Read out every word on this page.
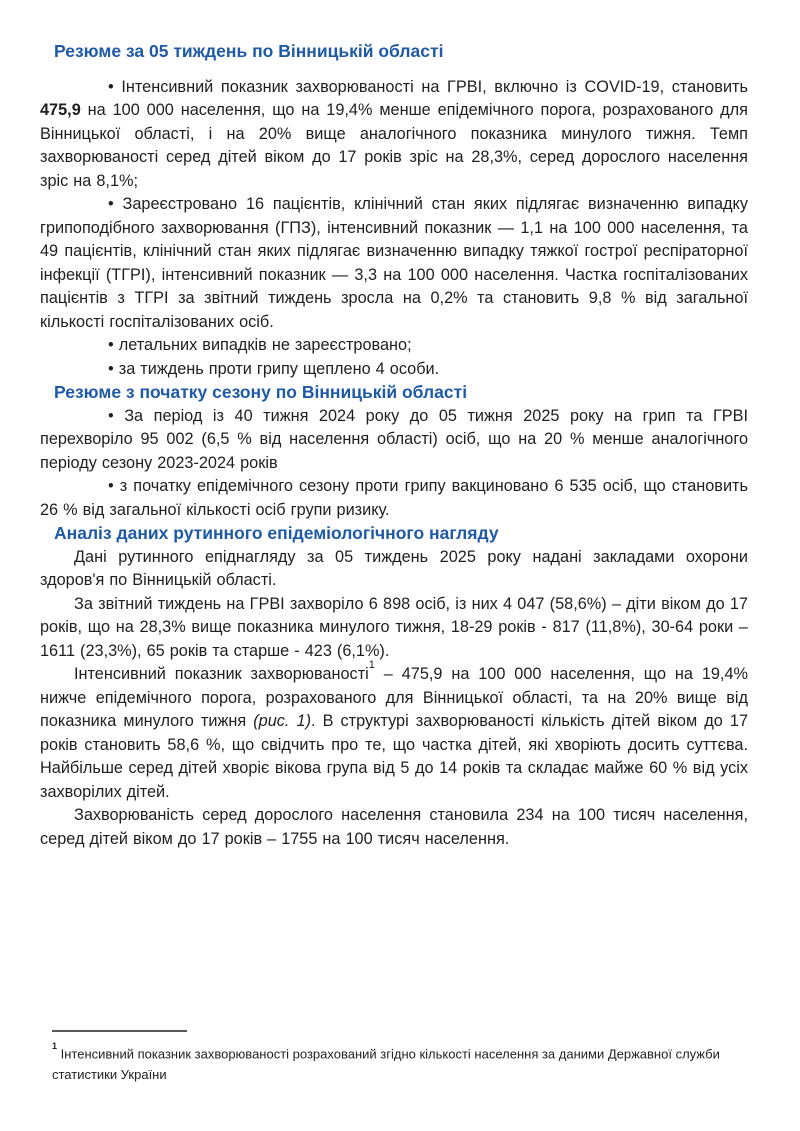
Резюме за 05 тиждень по Вінницькій області

• Інтенсивний показник захворюваності на ГРВІ, включно із COVID-19, становить 475,9 на 100 000 населення, що на 19,4% менше епідемічного порога, розрахованого для Вінницької області, і на 20% вище аналогічного показника минулого тижня. Темп захворюваності серед дітей віком до 17 років зріс на 28,3%, серед дорослого населення зріс на 8,1%;

• Зареєстровано 16 пацієнтів, клінічний стан яких підлягає визначенню випадку грипоподібного захворювання (ГПЗ), інтенсивний показник — 1,1 на 100 000 населення, та 49 пацієнтів, клінічний стан яких підлягає визначенню випадку тяжкої гострої респіраторної інфекції (ТГРІ), інтенсивний показник — 3,3 на 100 000 населення. Частка госпіталізованих пацієнтів з ТГРІ за звітний тиждень зросла на 0,2% та становить 9,8 % від загальної кількості госпіталізованих осіб.

• летальних випадків не зареєстровано;

• за тиждень проти грипу щеплено 4 особи.

Резюме з початку сезону по Вінницькій області

• За період із 40 тижня 2024 року до 05 тижня 2025 року на грип та ГРВІ перехворіло 95 002 (6,5 % від населення області) осіб, що на 20 % менше аналогічного періоду сезону 2023-2024 років

• з початку епідемічного сезону проти грипу вакциновано 6 535 осіб, що становить 26 % від загальної кількості осіб групи ризику.

Аналіз даних рутинного епідеміологічного нагляду

Дані рутинного епіднагляду за 05 тиждень 2025 року надані закладами охорони здоров'я по Вінницькій області.

За звітний тиждень на ГРВІ захворіло 6 898 осіб, із них 4 047 (58,6%) – діти віком до 17 років, що на 28,3% вище показника минулого тижня, 18-29 років - 817 (11,8%), 30-64 роки – 1611 (23,3%), 65 років та старше - 423 (6,1%).

Інтенсивний показник захворюваності$^1$ – 475,9 на 100 000 населення, що на 19,4% нижче епідемічного порога, розрахованого для Вінницької області, та на 20% вище від показника минулого тижня (рис. 1). В структурі захворюваності кількість дітей віком до 17 років становить 58,6 %, що свідчить про те, що частка дітей, які хворіють досить суттєва. Найбільше серед дітей хворіє вікова група від 5 до 14 років та складає майже 60 % від усіх захворілих дітей.

Захворюваність серед дорослого населення становила 234 на 100 тисяч населення, серед дітей віком до 17 років – 1755 на 100 тисяч населення.

$^1$ Інтенсивний показник захворюваності розрахований згідно кількості населення за даними Державної служби статистики України
